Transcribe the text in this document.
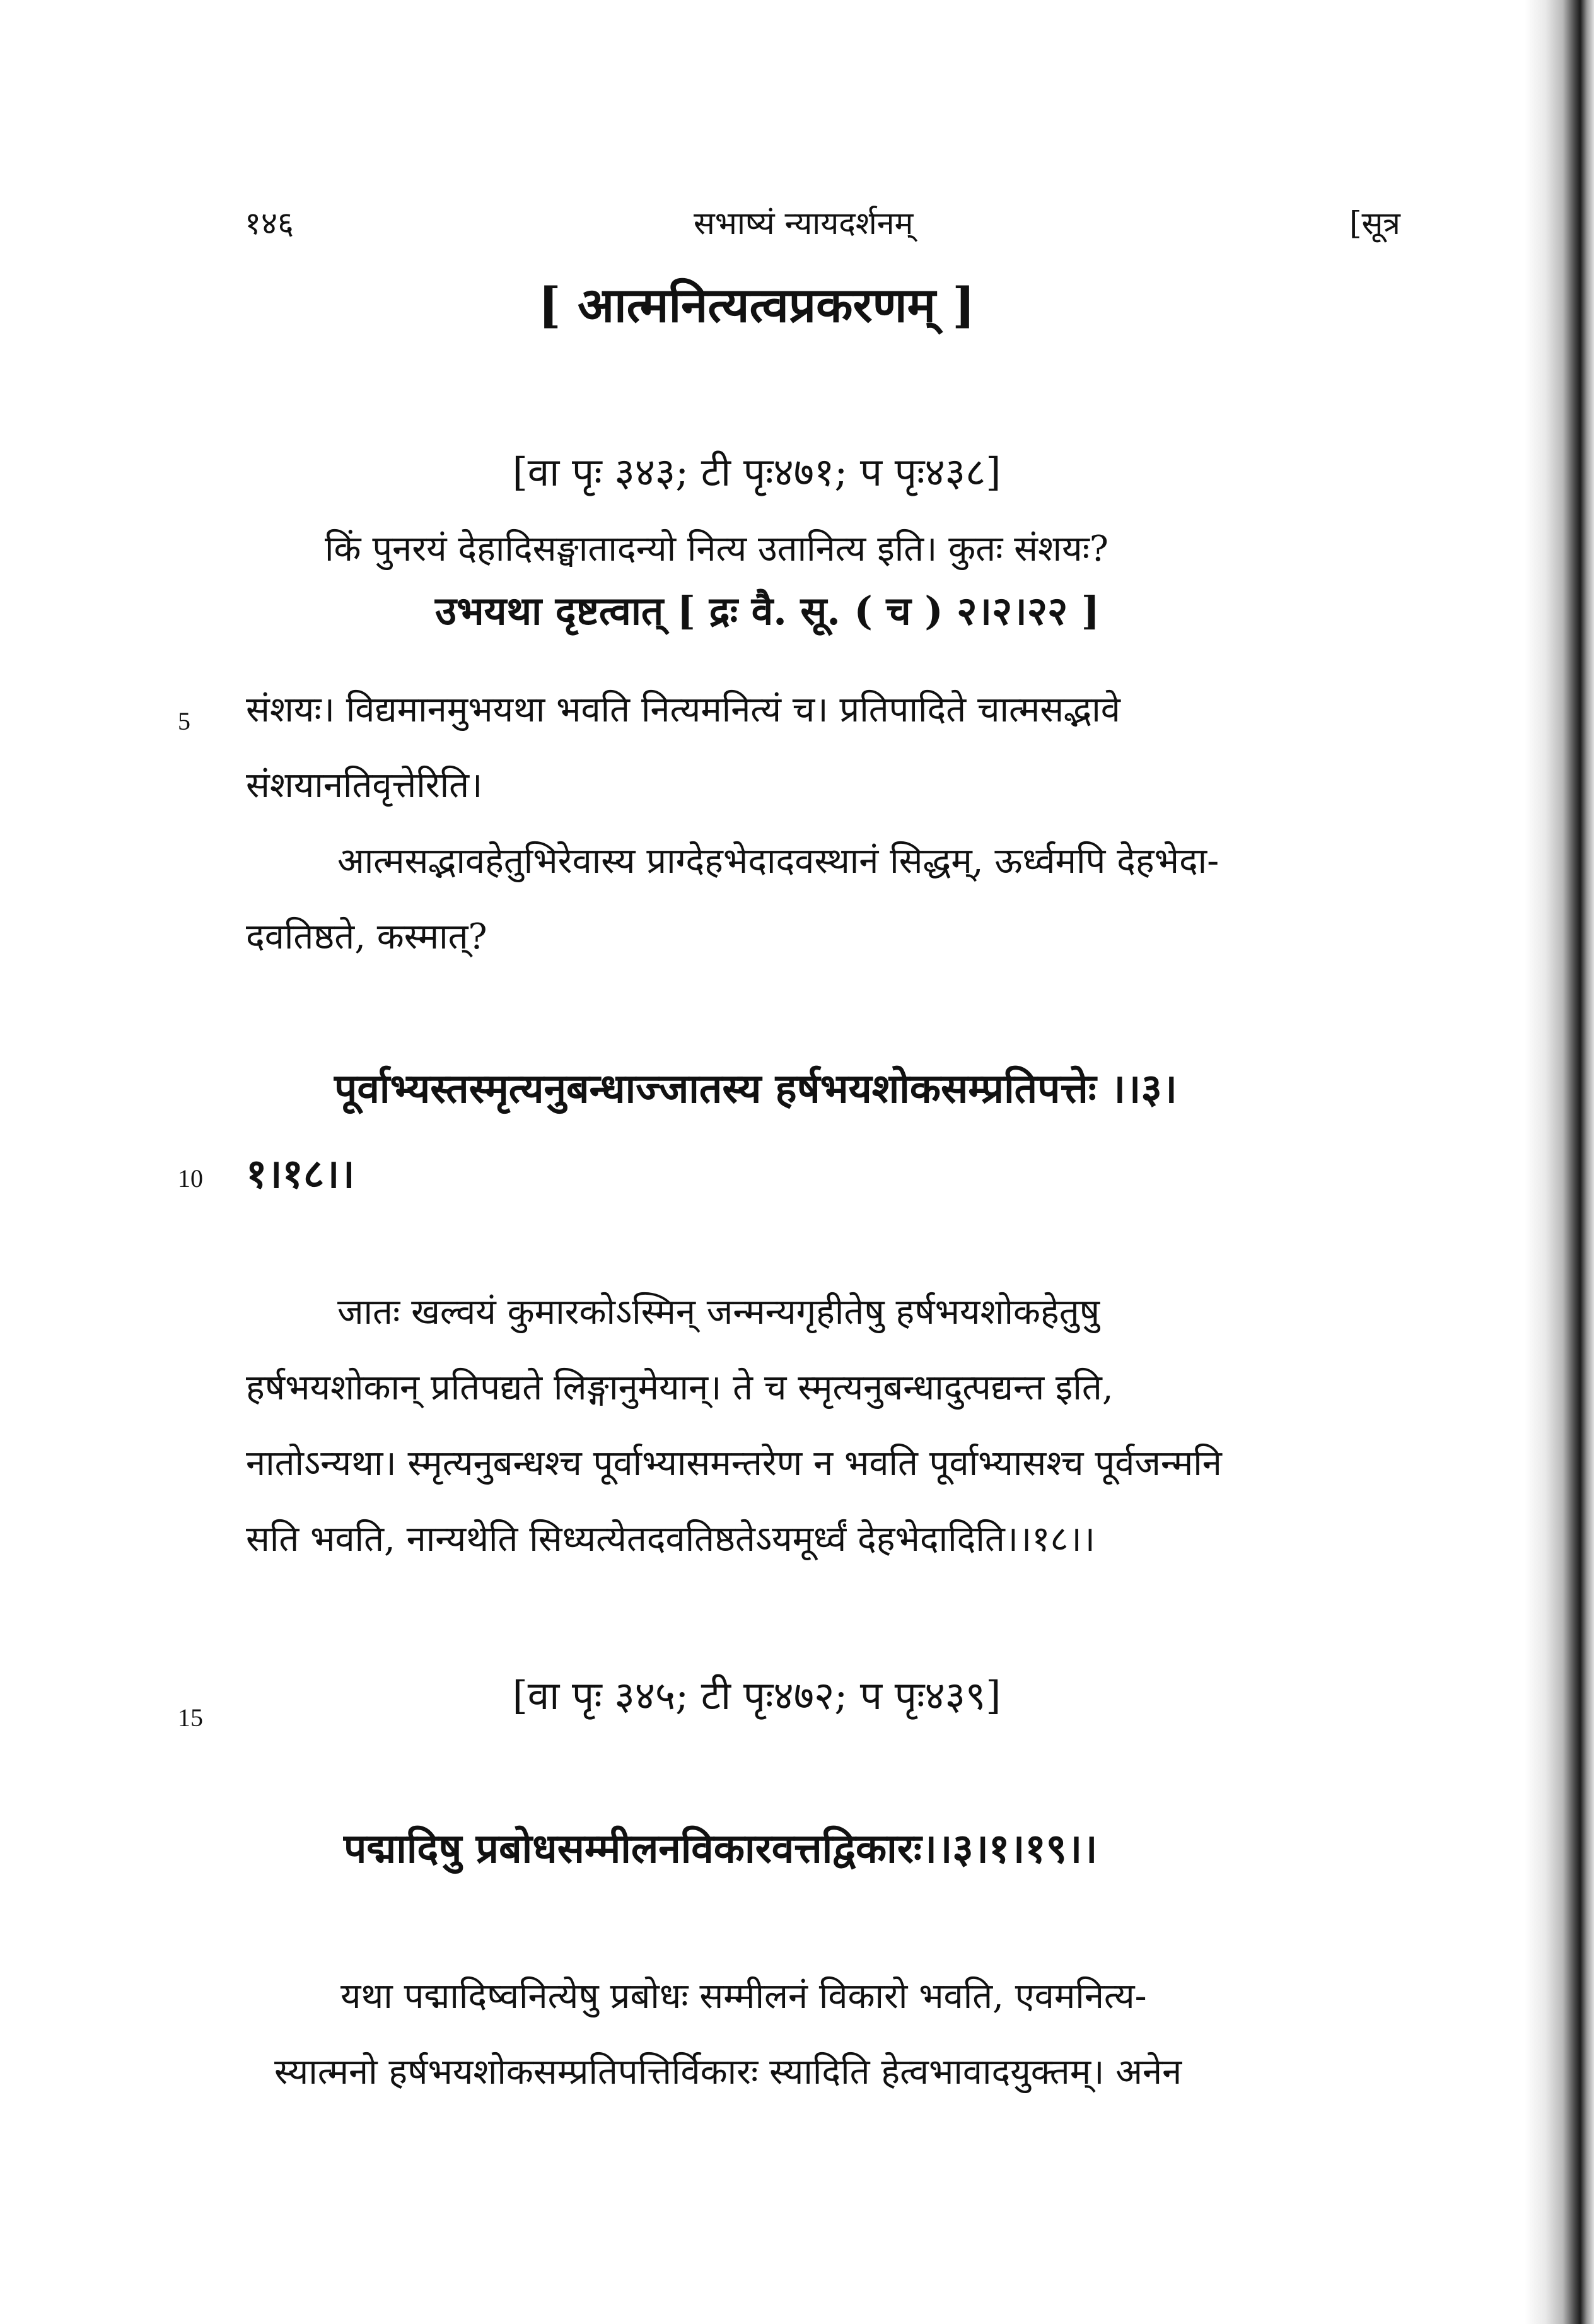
१४६	सभाष्यं न्यायदर्शनम्	[सूत्र
[ आत्मनित्यत्वप्रकरणम् ]
[वा पृः ३४३; टी पृः४७१; प पृः४३८]
किं पुनरयं देहादिसङ्घातादन्यो नित्य उतानित्य इति। कुतः संशयः?
उभयथा दृष्टत्वात् [ द्रः वै. सू. ( च ) २।२।२२ ]
5 संशयः। विद्यमानमुभयथा भवति नित्यमनित्यं च। प्रतिपादिते चात्मसद्भावे
संशयानतिवृत्तेरिति।
आत्मसद्भावहेतुभिरेवास्य प्राग्देहभेदादवस्थानं सिद्धम्, ऊर्ध्वमपि देहभेदा-
दवतिष्ठते, कस्मात्?
पूर्वाभ्यस्तस्मृत्यनुबन्धाज्जातस्य हर्षभयशोकसम्प्रतिपत्तेः ।।३।
10 १।१८।।
जातः खल्वयं कुमारकोऽस्मिन् जन्मन्यगृहीतेषु हर्षभयशोकहेतुषु
हर्षभयशोकान् प्रतिपद्यते लिङ्गानुमेयान्। ते च स्मृत्यनुबन्धादुत्पद्यन्त इति,
नातोऽन्यथा। स्मृत्यनुबन्धश्च पूर्वाभ्यासमन्तरेण न भवति पूर्वाभ्यासश्च पूर्वजन्मनि
सति भवति, नान्यथेति सिध्यत्येतदवतिष्ठतेऽयमूर्ध्वं देहभेदादिति।।१८।।
15	[वा पृः ३४५; टी पृः४७२; प पृः४३९]
पद्मादिषु प्रबोधसम्मीलनविकारवत्तद्विकारः।।३।१।१९।।
यथा पद्मादिष्वनित्येषु प्रबोधः सम्मीलनं विकारो भवति, एवमनित्य-
स्यात्मनो हर्षभयशोकसम्प्रतिपत्तिर्विकारः स्यादिति हेत्वभावादयुक्तम्। अनेन
